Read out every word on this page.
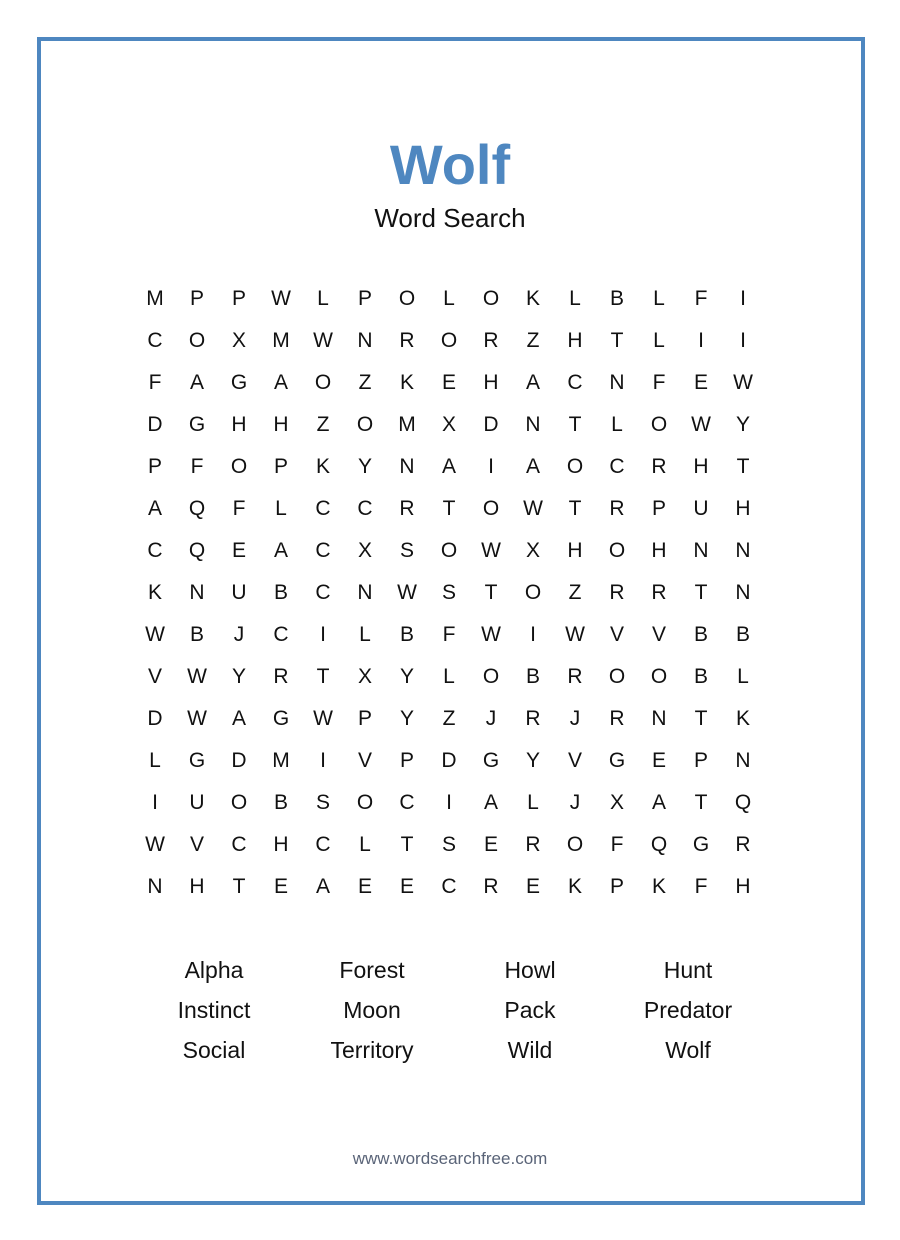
Wolf
Word Search
M	P	P	W	L	P	O	L	O	K	L	B	L	F	I
C	O	X	M	W	N	R	O	R	Z	H	T	L	I	I
F	A	G	A	O	Z	K	E	H	A	C	N	F	E	W
D	G	H	H	Z	O	M	X	D	N	T	L	O	W	Y
P	F	O	P	K	Y	N	A	I	A	O	C	R	H	T
A	Q	F	L	C	C	R	T	O	W	T	R	P	U	H
C	Q	E	A	C	X	S	O	W	X	H	O	H	N	N
K	N	U	B	C	N	W	S	T	O	Z	R	R	T	N
W	B	J	C	I	L	B	F	W	I	W	V	V	B	B
V	W	Y	R	T	X	Y	L	O	B	R	O	O	B	L
D	W	A	G	W	P	Y	Z	J	R	J	R	N	T	K
L	G	D	M	I	V	P	D	G	Y	V	G	E	P	N
I	U	O	B	S	O	C	I	A	L	J	X	A	T	Q
W	V	C	H	C	L	T	S	E	R	O	F	Q	G	R
N	H	T	E	A	E	E	C	R	E	K	P	K	F	H
Alpha	Forest	Howl	Hunt
Instinct	Moon	Pack	Predator
Social	Territory	Wild	Wolf
www.wordsearchfree.com
